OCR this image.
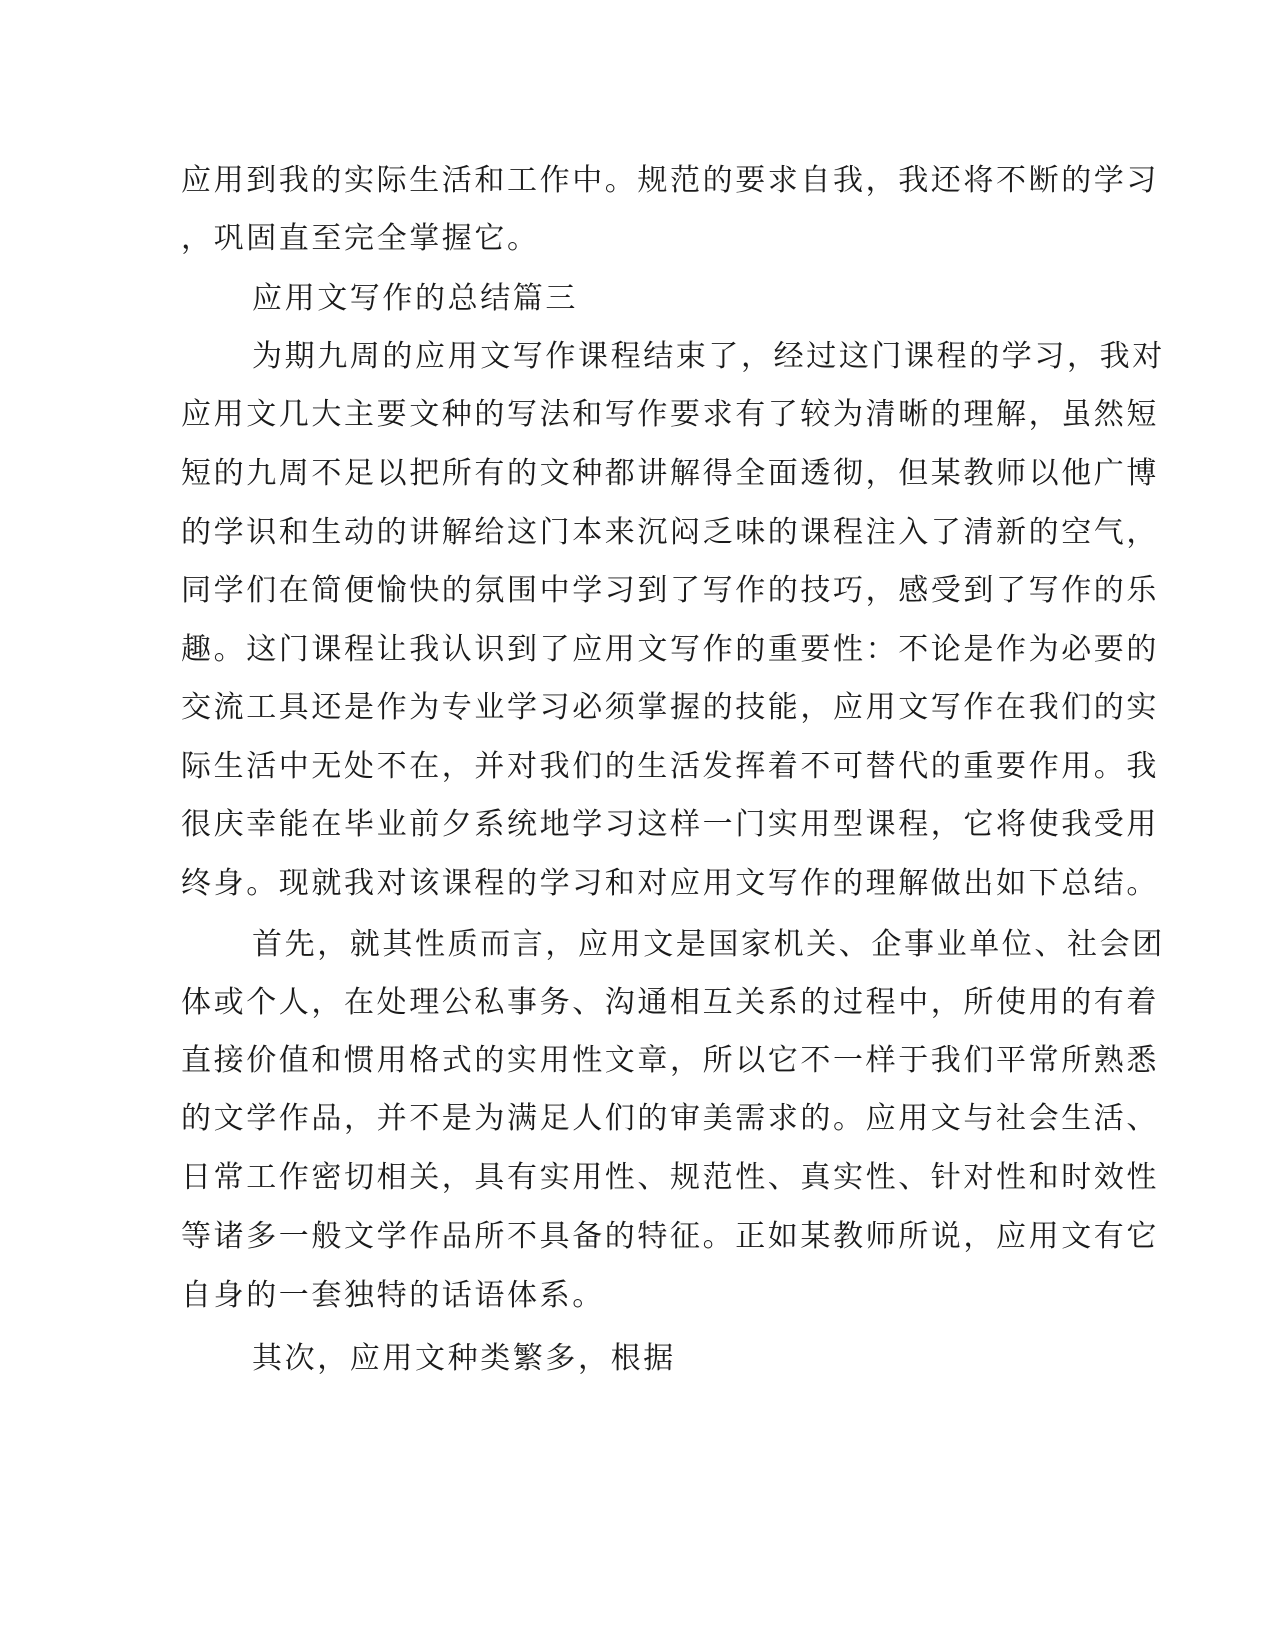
应用到我的实际生活和工作中。规范的要求自我，我还将不断的学习
，巩固直至完全掌握它。
应用文写作的总结篇三
为期九周的应用文写作课程结束了，经过这门课程的学习，我对
应用文几大主要文种的写法和写作要求有了较为清晰的理解，虽然短
短的九周不足以把所有的文种都讲解得全面透彻，但某教师以他广博
的学识和生动的讲解给这门本来沉闷乏味的课程注入了清新的空气，
同学们在简便愉快的氛围中学习到了写作的技巧，感受到了写作的乐
趣。这门课程让我认识到了应用文写作的重要性：不论是作为必要的
交流工具还是作为专业学习必须掌握的技能，应用文写作在我们的实
际生活中无处不在，并对我们的生活发挥着不可替代的重要作用。我
很庆幸能在毕业前夕系统地学习这样一门实用型课程，它将使我受用
终身。现就我对该课程的学习和对应用文写作的理解做出如下总结。
首先，就其性质而言，应用文是国家机关、企事业单位、社会团
体或个人，在处理公私事务、沟通相互关系的过程中，所使用的有着
直接价值和惯用格式的实用性文章，所以它不一样于我们平常所熟悉
的文学作品，并不是为满足人们的审美需求的。应用文与社会生活、
日常工作密切相关，具有实用性、规范性、真实性、针对性和时效性
等诸多一般文学作品所不具备的特征。正如某教师所说，应用文有它
自身的一套独特的话语体系。
其次，应用文种类繁多，根据
